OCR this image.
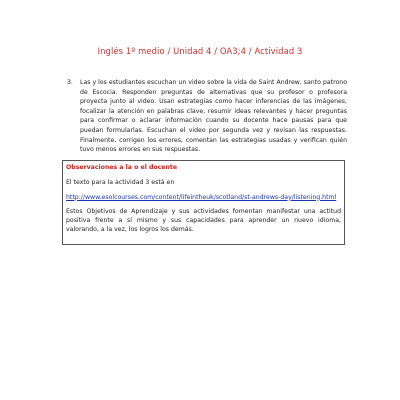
Inglés 1º medio / Unidad 4 / OA3;4 / Actividad 3
3. Las y los estudiantes escuchan un video sobre la vida de Saint Andrew, santo patrono de Escocia. Responden preguntas de alternativas que su profesor o profesora proyecta junto al video. Usan estrategias como hacer inferencias de las imágenes, focalizar la atención en palabras clave, resumir ideas relevantes y hacer preguntas para confirmar o aclarar información cuando su docente hace pausas para que puedan formularlas. Escuchan el video por segunda vez y revisan las respuestas. Finalmente, corrigen los errores, comentan las estrategias usadas y verifican quién tuvo menos errores en sus respuestas.

Observaciones a la o el docente

El texto para la actividad 3 está en

http://www.esolcourses.com/content/lifeintheuk/scotland/st-andrews-day/listening.html

Estos Objetivos de Aprendizaje y sus actividades fomentan manifestar una actitud positiva frente a sí mismo y sus capacidades para aprender un nuevo idioma, valorando, a la vez, los logros los demás.
